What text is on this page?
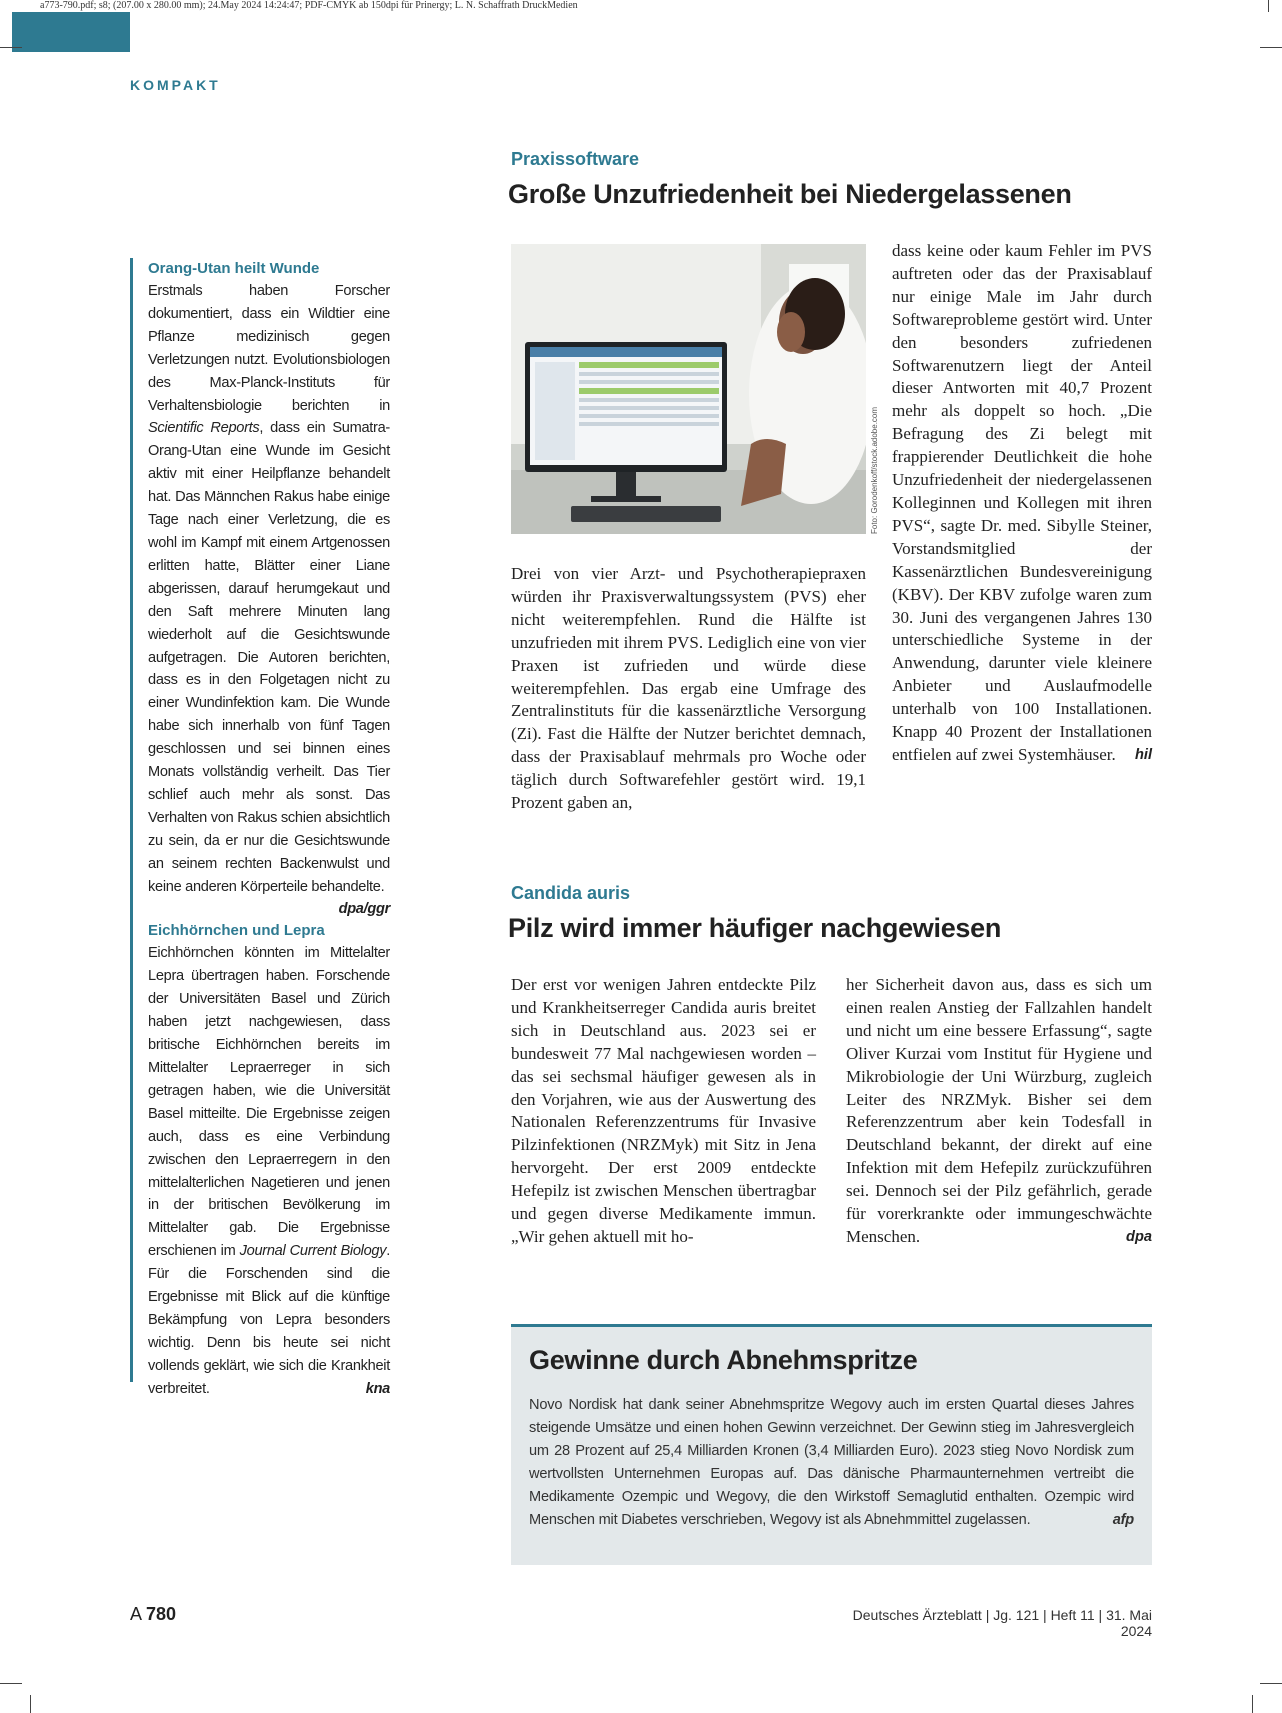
a773-790.pdf; s8; (207.00 x 280.00 mm); 24.May 2024 14:24:47; PDF-CMYK ab 150dpi für Prinergy; L. N. Schaffrath DruckMedien
KOMPAKT
Orang-Utan heilt Wunde
Erstmals haben Forscher dokumentiert, dass ein Wildtier eine Pflanze medizinisch gegen Verletzungen nutzt. Evolutionsbiologen des Max-Planck-Instituts für Verhaltensbiologie berichten in Scientific Reports, dass ein Sumatra-Orang-Utan eine Wunde im Gesicht aktiv mit einer Heilpflanze behandelt hat. Das Männchen Rakus habe einige Tage nach einer Verletzung, die es wohl im Kampf mit einem Artgenossen erlitten hatte, Blätter einer Liane abgerissen, darauf herumgekaut und den Saft mehrere Minuten lang wiederholt auf die Gesichtswunde aufgetragen. Die Autoren berichten, dass es in den Folgetagen nicht zu einer Wundinfektion kam. Die Wunde habe sich innerhalb von fünf Tagen geschlossen und sei binnen eines Monats vollständig verheilt. Das Tier schlief auch mehr als sonst. Das Verhalten von Rakus schien absichtlich zu sein, da er nur die Gesichtswunde an seinem rechten Backenwulst und keine anderen Körperteile behandelte.
dpa/ggr
Eichhörnchen und Lepra
Eichhörnchen könnten im Mittelalter Lepra übertragen haben. Forschende der Universitäten Basel und Zürich haben jetzt nachgewiesen, dass britische Eichhörnchen bereits im Mittelalter Lepraerreger in sich getragen haben, wie die Universität Basel mitteilte. Die Ergebnisse zeigen auch, dass es eine Verbindung zwischen den Lepraerregern in den mittelalterlichen Nagetieren und jenen in der britischen Bevölkerung im Mittelalter gab. Die Ergebnisse erschienen im Journal Current Biology. Für die Forschenden sind die Ergebnisse mit Blick auf die künftige Bekämpfung von Lepra besonders wichtig. Denn bis heute sei nicht vollends geklärt, wie sich die Krankheit verbreitet.	kna
Praxissoftware
Große Unzufriedenheit bei Niedergelassenen
Foto: Gorodenkoff/stock.adobe.com
Drei von vier Arzt- und Psychotherapiepraxen würden ihr Praxisverwaltungssystem (PVS) eher nicht weiterempfehlen. Rund die Hälfte ist unzufrieden mit ihrem PVS. Lediglich eine von vier Praxen ist zufrieden und würde diese weiterempfehlen. Das ergab eine Umfrage des Zentralinstituts für die kassenärztliche Versorgung (Zi). Fast die Hälfte der Nutzer berichtet demnach, dass der Praxisablauf mehrmals pro Woche oder täglich durch Softwarefehler gestört wird. 19,1 Prozent gaben an,
dass keine oder kaum Fehler im PVS auftreten oder das der Praxisablauf nur einige Male im Jahr durch Softwareprobleme gestört wird. Unter den besonders zufriedenen Softwarenutzern liegt der Anteil dieser Antworten mit 40,7 Prozent mehr als doppelt so hoch. „Die Befragung des Zi belegt mit frappierender Deutlichkeit die hohe Unzufriedenheit der niedergelassenen Kolleginnen und Kollegen mit ihren PVS“, sagte Dr. med. Sibylle Steiner, Vorstandsmitglied der Kassenärztlichen Bundesvereinigung (KBV). Der KBV zufolge waren zum 30. Juni des vergangenen Jahres 130 unterschiedliche Systeme in der Anwendung, darunter viele kleinere Anbieter und Auslaufmodelle unterhalb von 100 Installationen. Knapp 40 Prozent der Installationen entfielen auf zwei Systemhäuser. hil
Candida auris
Pilz wird immer häufiger nachgewiesen
Der erst vor wenigen Jahren entdeckte Pilz und Krankheitserreger Candida auris breitet sich in Deutschland aus. 2023 sei er bundesweit 77 Mal nachgewiesen worden – das sei sechsmal häufiger gewesen als in den Vorjahren, wie aus der Auswertung des Nationalen Referenzzentrums für Invasive Pilzinfektionen (NRZMyk) mit Sitz in Jena hervorgeht. Der erst 2009 entdeckte Hefepilz ist zwischen Menschen übertragbar und gegen diverse Medikamente immun. „Wir gehen aktuell mit ho-
her Sicherheit davon aus, dass es sich um einen realen Anstieg der Fallzahlen handelt und nicht um eine bessere Erfassung“, sagte Oliver Kurzai vom Institut für Hygiene und Mikrobiologie der Uni Würzburg, zugleich Leiter des NRZMyk. Bisher sei dem Referenzzentrum aber kein Todesfall in Deutschland bekannt, der direkt auf eine Infektion mit dem Hefepilz zurückzuführen sei. Dennoch sei der Pilz gefährlich, gerade für vorerkrankte oder immungeschwächte Menschen.	dpa
Gewinne durch Abnehmspritze
Novo Nordisk hat dank seiner Abnehmspritze Wegovy auch im ersten Quartal dieses Jahres steigende Umsätze und einen hohen Gewinn verzeichnet. Der Gewinn stieg im Jahresvergleich um 28 Prozent auf 25,4 Milliarden Kronen (3,4 Milliarden Euro). 2023 stieg Novo Nordisk zum wertvollsten Unternehmen Europas auf. Das dänische Pharmaunternehmen vertreibt die Medikamente Ozempic und Wegovy, die den Wirkstoff Semaglutid enthalten. Ozempic wird Menschen mit Diabetes verschrieben, Wegovy ist als Abnehmmittel zugelassen.	afp
A 780	Deutsches Ärzteblatt | Jg. 121 | Heft 11 | 31. Mai 2024
